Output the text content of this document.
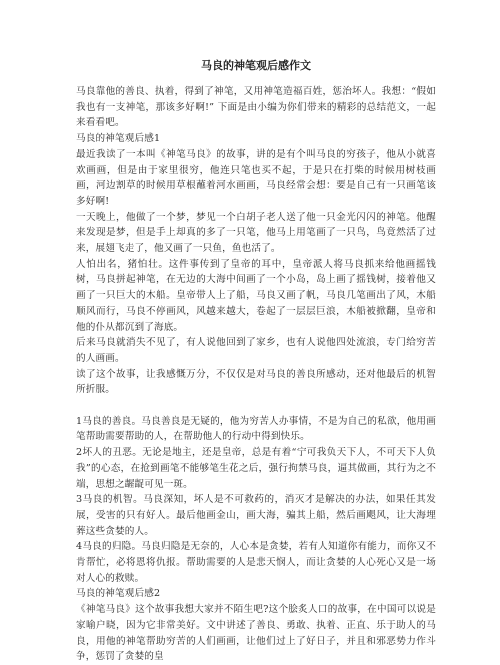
马良的神笔观后感作文

马良靠他的善良、执着，得到了神笔，又用神笔造福百姓，惩治坏人。我想：“假如我也有一支神笔，那该多好啊!” 下面是由小编为你们带来的精彩的总结范文，一起来看看吧。

马良的神笔观后感1

最近我读了一本叫《神笔马良》的故事，讲的是有个叫马良的穷孩子，他从小就喜欢画画，但是由于家里很穷，他连只笔也买不起，于是只在打柴的时候用树枝画画，河边割草的时候用草根蘸着河水画画，马良经常会想：要是自己有一只画笔该多好啊!

一天晚上，他做了一个梦，梦见一个白胡子老人送了他一只金光闪闪的神笔。他醒来发现是梦，但是手上却真的多了一只笔，他马上用笔画了一只鸟，鸟竟然活了过来，展翅飞走了，他又画了一只鱼，鱼也活了。

人怕出名，猪怕壮。这件事传到了皇帝的耳中，皇帝派人将马良抓来给他画摇钱树，马良拼起神笔，在无边的大海中间画了一个小岛，岛上画了摇钱树，接着他又画了一只巨大的木船。皇帝带人上了船，马良又画了帆，马良几笔画出了风，木船顺风而行，马良不停画风，风越来越大，卷起了一层层巨浪，木船被掀翻，皇帝和他的仆从都沉到了海底。

后来马良就消失不见了，有人说他回到了家乡，也有人说他四处流浪，专门给穷苦的人画画。

读了这个故事，让我感慨万分，不仅仅是对马良的善良所感动，还对他最后的机智所折服。

1马良的善良。马良善良是无疑的，他为穷苦人办事情，不是为自己的私欲，他用画笔帮助需要帮助的人，在帮助他人的行动中得到快乐。

2坏人的丑恶。无论是地主，还是皇帝，总是有着“宁可我负天下人，不可天下人负我”的心态，在抢到画笔不能够笔生花之后，强行拘禁马良，逼其做画，其行为之不端，思想之龌龊可见一斑。

3马良的机智。马良深知，坏人是不可救药的，消灭才是解决的办法，如果任其发展，受害的只有好人。最后他画金山，画大海，骗其上船，然后画飓风，让大海埋葬这些贪婪的人。

4马良的归隐。马良归隐是无奈的，人心本是贪婪，若有人知道你有能力，而你又不肯帮忙，必将恩将仇报。帮助需要的人是悲天悯人，而让贪婪的人心死心又是一场对人心的救赎。

马良的神笔观后感2

《神笔马良》这个故事我想大家并不陌生吧?这个脍炙人口的故事，在中国可以说是家喻户晓，因为它非常美好。文中讲述了善良、勇敢、执着、正直、乐于助人的马良，用他的神笔帮助穷苦的人们画画，让他们过上了好日子，并且和邪恶势力作斗争，惩罚了贪婪的皇
